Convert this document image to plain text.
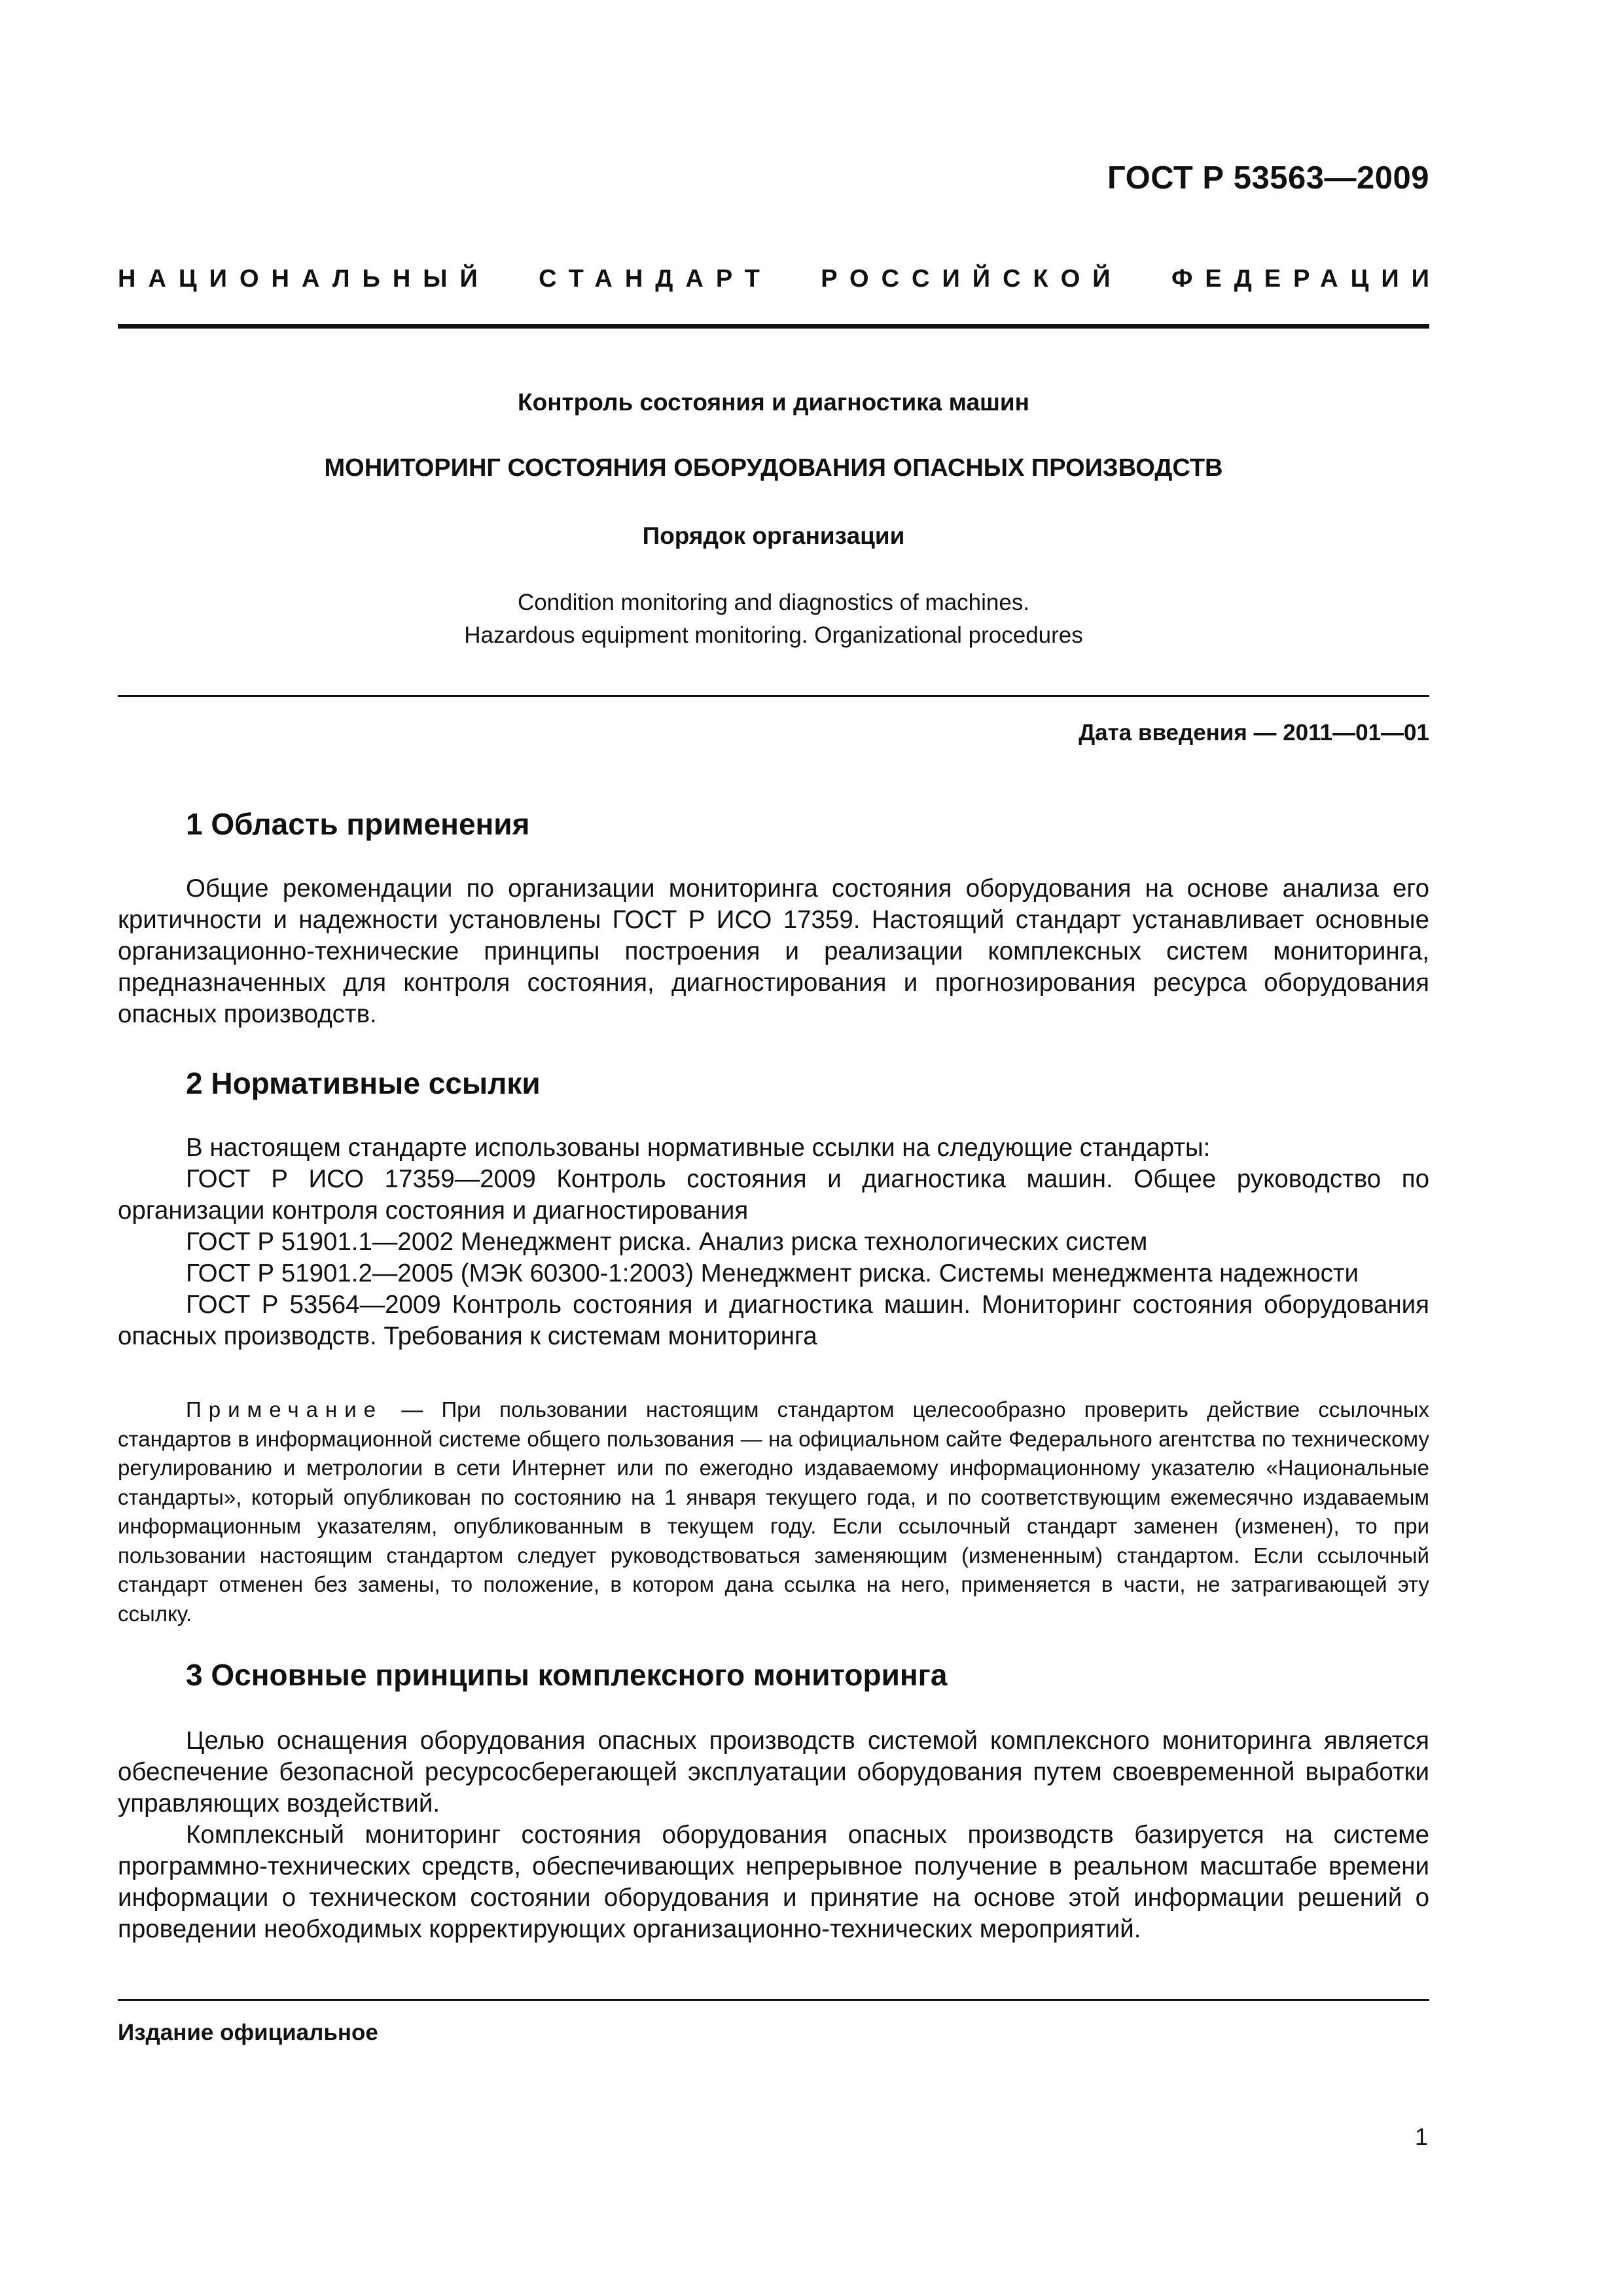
ГОСТ Р 53563—2009
НАЦИОНАЛЬНЫЙ СТАНДАРТ РОССИЙСКОЙ ФЕДЕРАЦИИ
Контроль состояния и диагностика машин
МОНИТОРИНГ СОСТОЯНИЯ ОБОРУДОВАНИЯ ОПАСНЫХ ПРОИЗВОДСТВ
Порядок организации
Condition monitoring and diagnostics of machines.
Hazardous equipment monitoring. Organizational procedures
Дата введения — 2011—01—01
1 Область применения

Общие рекомендации по организации мониторинга состояния оборудования на основе анализа его критичности и надежности установлены ГОСТ Р ИСО 17359. Настоящий стандарт устанавливает основные организационно-технические принципы построения и реализации комплексных систем мониторинга, предназначенных для контроля состояния, диагностирования и прогнозирования ресурса оборудования опасных производств.

2 Нормативные ссылки

В настоящем стандарте использованы нормативные ссылки на следующие стандарты:

ГОСТ Р ИСО 17359—2009 Контроль состояния и диагностика машин. Общее руководство по организации контроля состояния и диагностирования

ГОСТ Р 51901.1—2002 Менеджмент риска. Анализ риска технологических систем

ГОСТ Р 51901.2—2005 (МЭК 60300-1:2003) Менеджмент риска. Системы менеджмента надежности

ГОСТ Р 53564—2009 Контроль состояния и диагностика машин. Мониторинг состояния оборудования опасных производств. Требования к системам мониторинга

Примечание — При пользовании настоящим стандартом целесообразно проверить действие ссылочных стандартов в информационной системе общего пользования — на официальном сайте Федерального агентства по техническому регулированию и метрологии в сети Интернет или по ежегодно издаваемому информационному указателю «Национальные стандарты», который опубликован по состоянию на 1 января текущего года, и по соответствующим ежемесячно издаваемым информационным указателям, опубликованным в текущем году. Если ссылочный стандарт заменен (изменен), то при пользовании настоящим стандартом следует руководствоваться заменяющим (измененным) стандартом. Если ссылочный стандарт отменен без замены, то положение, в котором дана ссылка на него, применяется в части, не затрагивающей эту ссылку.

3 Основные принципы комплексного мониторинга

Целью оснащения оборудования опасных производств системой комплексного мониторинга является обеспечение безопасной ресурсосберегающей эксплуатации оборудования путем своевременной выработки управляющих воздействий.

Комплексный мониторинг состояния оборудования опасных производств базируется на системе программно-технических средств, обеспечивающих непрерывное получение в реальном масштабе времени информации о техническом состоянии оборудования и принятие на основе этой информации решений о проведении необходимых корректирующих организационно-технических мероприятий.

Издание официальное
1
